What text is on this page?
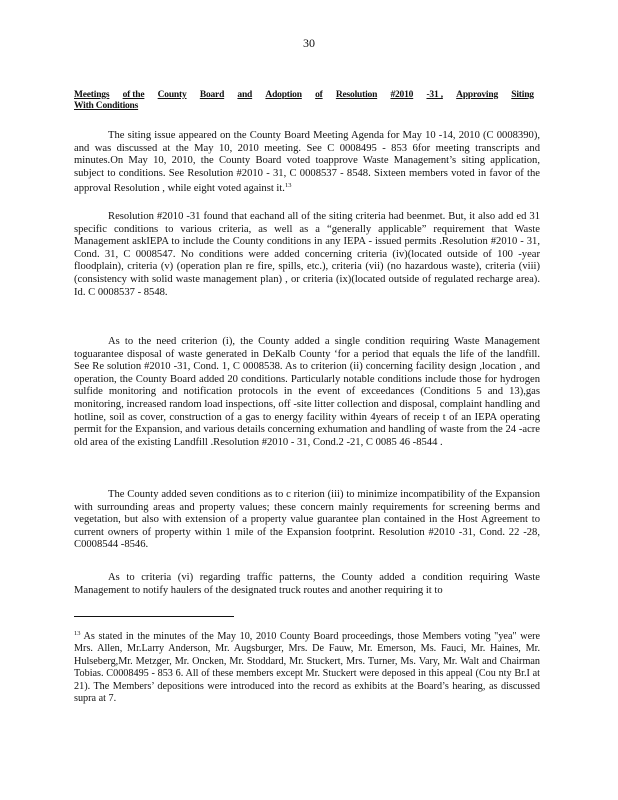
30
Meetings of the County Board and Adoption of Resolution #2010 -31 , Approving Siting
With Conditions

The siting issue appeared on the County Board Meeting Agenda for May 10 -14, 2010 (C 0008390), and was discussed at the May 10, 2010 meeting. See C 0008495 - 853 6for meeting transcripts and minutes.On May 10, 2010, the County Board voted toapprove Waste Management’s siting application, subject to conditions. See Resolution #2010 - 31, C 0008537 - 8548. Sixteen members voted in favor of the approval Resolution , while eight voted against it.$^{13}$

Resolution #2010 -31 found that eachand all of the siting criteria had beenmet. But, it also add ed 31 specific conditions to various criteria, as well as a “generally applicable” requirement that Waste Management askIEPA to include the County conditions in any IEPA - issued permits .Resolution #2010 - 31, Cond. 31, C 0008547. No conditions were added concerning criteria (iv)(located outside of 100 -year floodplain), criteria (v) (operation plan re fire, spills, etc.), criteria (vii) (no hazardous waste), criteria (viii) (consistency with solid waste management plan) , or criteria (ix)(located outside of regulated recharge area). Id. C 0008537 - 8548.

As to the need criterion (i), the County added a single condition requiring Waste Management toguarantee disposal of waste generated in DeKalb County ‘for a period that equals the life of the landfill. See Re solution #2010 -31, Cond. 1, C 0008538. As to criterion (ii) concerning facility design ,location , and operation, the County Board added 20 conditions. Particularly notable conditions include those for hydrogen sulfide monitoring and notification protocols in the event of exceedances (Conditions 5 and 13),gas monitoring, increased random load inspections, off -site litter collection and disposal, complaint handling and hotline, soil as cover, construction of a gas to energy facility within 4years of receip t of an IEPA operating permit for the Expansion, and various details concerning exhumation and handling of waste from the 24 -acre old area of the existing Landfill .Resolution #2010 - 31, Cond.2 -21, C 0085 46 -8544 .

The County added seven conditions as to c riterion (iii) to minimize incompatibility of the Expansion with surrounding areas and property values; these concern mainly requirements for screening berms and vegetation, but also with extension of a property value guarantee plan contained in the Host Agreement to current owners of property within 1 mile of the Expansion footprint. Resolution #2010 -31, Cond. 22 -28, C0008544 -8546.

As to criteria (vi) regarding traffic patterns, the County added a condition requiring Waste Management to notify haulers of the designated truck routes and another requiring it to

$^{13}$ As stated in the minutes of the May 10, 2010 County Board proceedings, those Members voting "yea" were Mrs. Allen, Mr.Larry Anderson, Mr. Augsburger, Mrs. De Fauw, Mr. Emerson, Ms. Fauci, Mr. Haines, Mr. Hulseberg,Mr. Metzger, Mr. Oncken, Mr. Stoddard, Mr. Stuckert, Mrs. Turner, Ms. Vary, Mr. Walt and Chairman Tobias. C0008495 - 853 6. All of these members except Mr. Stuckert were deposed in this appeal (Cou nty Br.I at 21). The Members’ depositions were introduced into the record as exhibits at the Board’s hearing, as discussed supra at 7.
